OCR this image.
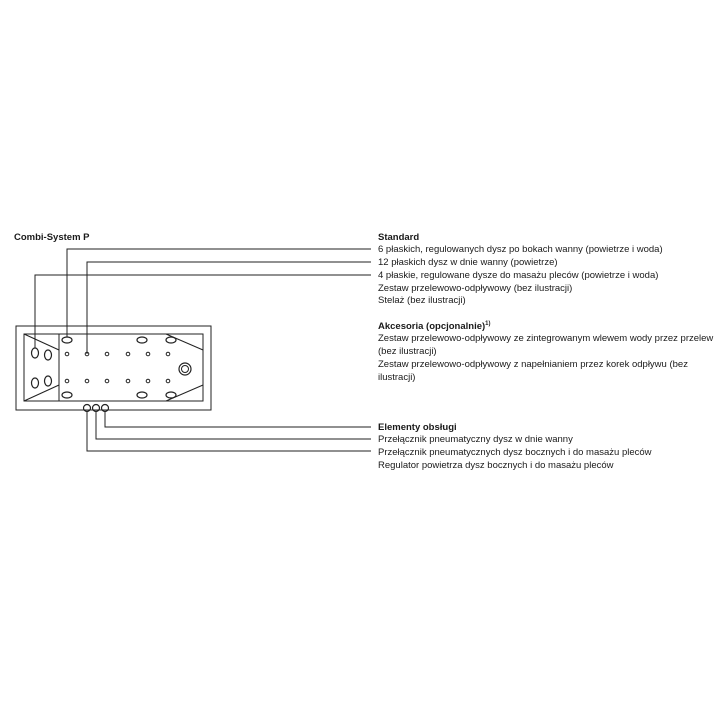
Combi-System P	Standard
6 płaskich, regulowanych dysz po bokach wanny (powietrze i woda)
12 płaskich dysz w dnie wanny (powietrze)
4 płaskie, regulowane dysze do masażu pleców (powietrze i woda)
Zestaw przelewowo-odpływowy (bez ilustracji)
Stelaż (bez ilustracji)
Akcesoria (opcjonalnie)$^{1)}$
Zestaw przelewowo-odpływowy ze zintegrowanym wlewem wody przez przelew
(bez ilustracji)
Zestaw przelewowo-odpływowy z napełnianiem przez korek odpływu (bez
ilustracji)
Elementy obsługi
Przełącznik pneumatyczny dysz w dnie wanny
Przełącznik pneumatycznych dysz bocznych i do masażu pleców
Regulator powietrza dysz bocznych i do masażu pleców
